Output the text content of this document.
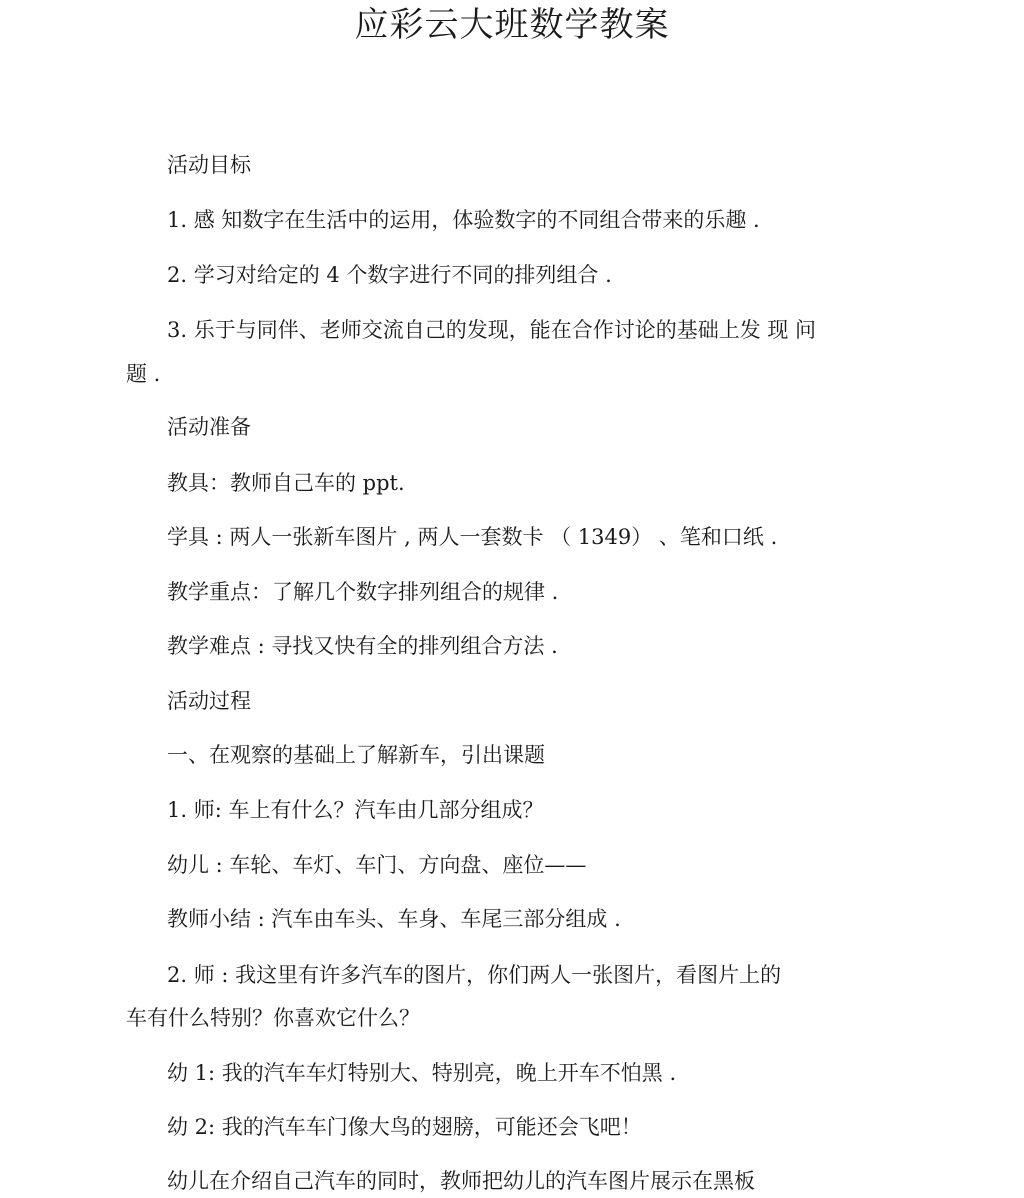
应彩云大班数学教案

活动目标

1. 感 知数字在生活中的运用，体验数字的不同组合带来的乐趣 .

2. 学习对给定的 4 个数字进行不同的排列组合 .

3. 乐于与同伴、老师交流自己的发现，能在合作讨论的基础上发 现 问

题 .

活动准备

教具：教师自己车的 ppt.

学具 : 两人一张新车图片 , 两人一套数卡 （ 1349） 、笔和口纸 .

教学重点：了解几个数字排列组合的规律 .

教学难点 : 寻找又快有全的排列组合方法 .

活动过程

一、在观察的基础上了解新车，引出课题

1. 师: 车上有什么？汽车由几部分组成？

幼儿 : 车轮、车灯、车门、方向盘、座位——

教师小结 : 汽车由车头、车身、车尾三部分组成 .

2. 师 : 我这里有许多汽车的图片，你们两人一张图片，看图片上的

车有什么特别？你喜欢它什么？

幼 1: 我的汽车车灯特别大、特别亮，晚上开车不怕黑 .

幼 2: 我的汽车车门像大鸟的翅膀，可能还会飞吧！

幼儿在介绍自己汽车的同时，教师把幼儿的汽车图片展示在黑板
